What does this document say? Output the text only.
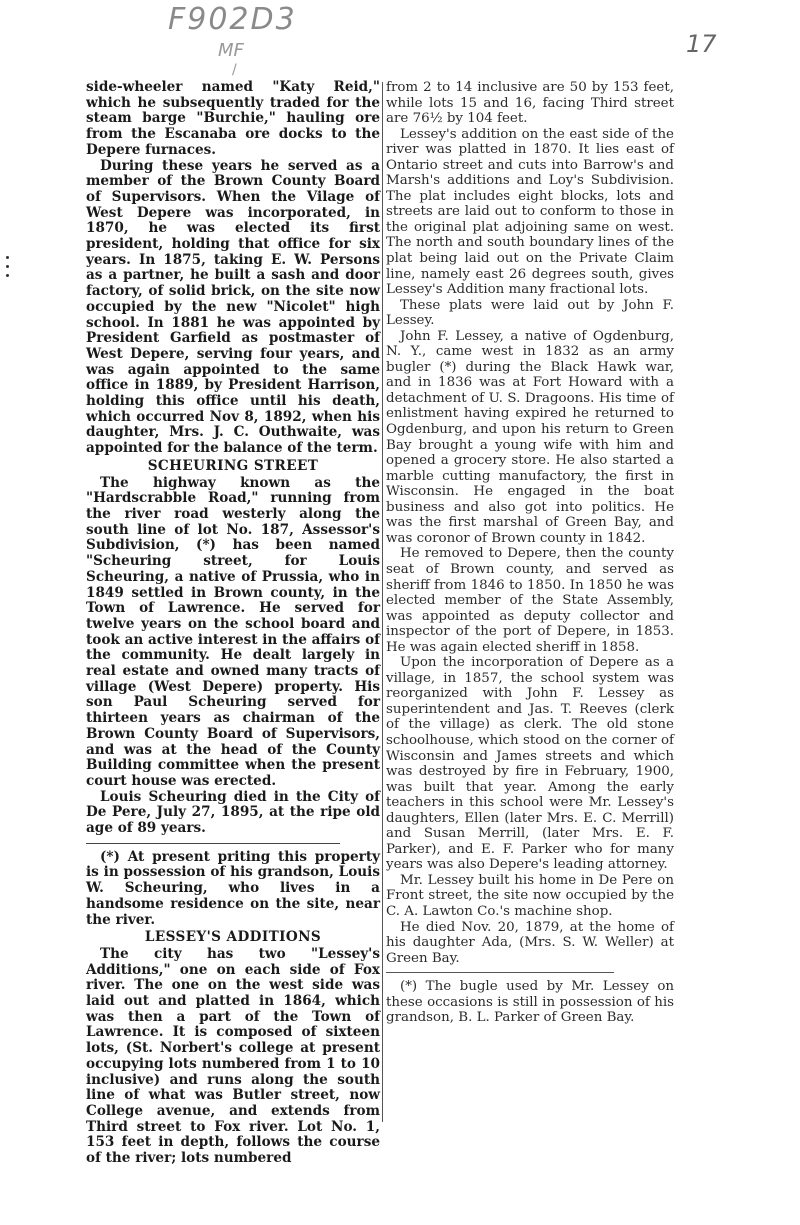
F902D3
MF
/
17

side-wheeler named "Katy Reid," which he subsequently traded for the steam barge "Burchie," hauling ore from the Escanaba ore docks to the Depere furnaces.

During these years he served as a member of the Brown County Board of Supervisors. When the Vilage of West Depere was incorporated, in 1870, he was elected its first president, holding that office for six years. In 1875, taking E. W. Persons as a partner, he built a sash and door factory, of solid brick, on the site now occupied by the new "Nicolet" high school. In 1881 he was appointed by President Garfield as postmaster of West Depere, serving four years, and was again appointed to the same office in 1889, by President Harrison, holding this office until his death, which occurred Nov 8, 1892, when his daughter, Mrs. J. C. Outhwaite, was appointed for the balance of the term.

SCHEURING STREET

The highway known as the "Hardscrabble Road," running from the river road westerly along the south line of lot No. 187, Assessor's Subdivision, (*) has been named "Scheuring street, for Louis Scheuring, a native of Prussia, who in 1849 settled in Brown county, in the Town of Lawrence. He served for twelve years on the school board and took an active interest in the affairs of the community. He dealt largely in real estate and owned many tracts of village (West Depere) property. His son Paul Scheuring served for thirteen years as chairman of the Brown County Board of Supervisors, and was at the head of the County Building committee when the present court house was erected.

Louis Scheuring died in the City of De Pere, July 27, 1895, at the ripe old age of 89 years.

(*) At present priting this property is in possession of his grandson, Louis W. Scheuring, who lives in a handsome residence on the site, near the river.

LESSEY'S ADDITIONS

The city has two "Lessey's Additions," one on each side of Fox river. The one on the west side was laid out and platted in 1864, which was then a part of the Town of Lawrence. It is composed of sixteen lots, (St. Norbert's college at present occupying lots numbered from 1 to 10 inclusive) and runs along the south line of what was Butler street, now College avenue, and extends from Third street to Fox river. Lot No. 1, 153 feet in depth, follows the course of the river; lots numbered

from 2 to 14 inclusive are 50 by 153 feet, while lots 15 and 16, facing Third street are 76½ by 104 feet.

Lessey's addition on the east side of the river was platted in 1870. It lies east of Ontario street and cuts into Barrow's and Marsh's additions and Loy's Subdivision. The plat includes eight blocks, lots and streets are laid out to conform to those in the original plat adjoining same on west. The north and south boundary lines of the plat being laid out on the Private Claim line, namely east 26 degrees south, gives Lessey's Addition many fractional lots.

These plats were laid out by John F. Lessey.

John F. Lessey, a native of Ogdenburg, N. Y., came west in 1832 as an army bugler (*) during the Black Hawk war, and in 1836 was at Fort Howard with a detachment of U. S. Dragoons. His time of enlistment having expired he returned to Ogdenburg, and upon his return to Green Bay brought a young wife with him and opened a grocery store. He also started a marble cutting manufactory, the first in Wisconsin. He engaged in the boat business and also got into politics. He was the first marshal of Green Bay, and was coronor of Brown county in 1842.

He removed to Depere, then the county seat of Brown county, and served as sheriff from 1846 to 1850. In 1850 he was elected member of the State Assembly, was appointed as deputy collector and inspector of the port of Depere, in 1853. He was again elected sheriff in 1858.

Upon the incorporation of Depere as a village, in 1857, the school system was reorganized with John F. Lessey as superintendent and Jas. T. Reeves (clerk of the village) as clerk. The old stone schoolhouse, which stood on the corner of Wisconsin and James streets and which was destroyed by fire in February, 1900, was built that year. Among the early teachers in this school were Mr. Lessey's daughters, Ellen (later Mrs. E. C. Merrill) and Susan Merrill, (later Mrs. E. F. Parker), and E. F. Parker who for many years was also Depere's leading attorney.

Mr. Lessey built his home in De Pere on Front street, the site now occupied by the C. A. Lawton Co.'s machine shop.

He died Nov. 20, 1879, at the home of his daughter Ada, (Mrs. S. W. Weller) at Green Bay.

(*) The bugle used by Mr. Lessey on these occasions is still in possession of his grandson, B. L. Parker of Green Bay.
